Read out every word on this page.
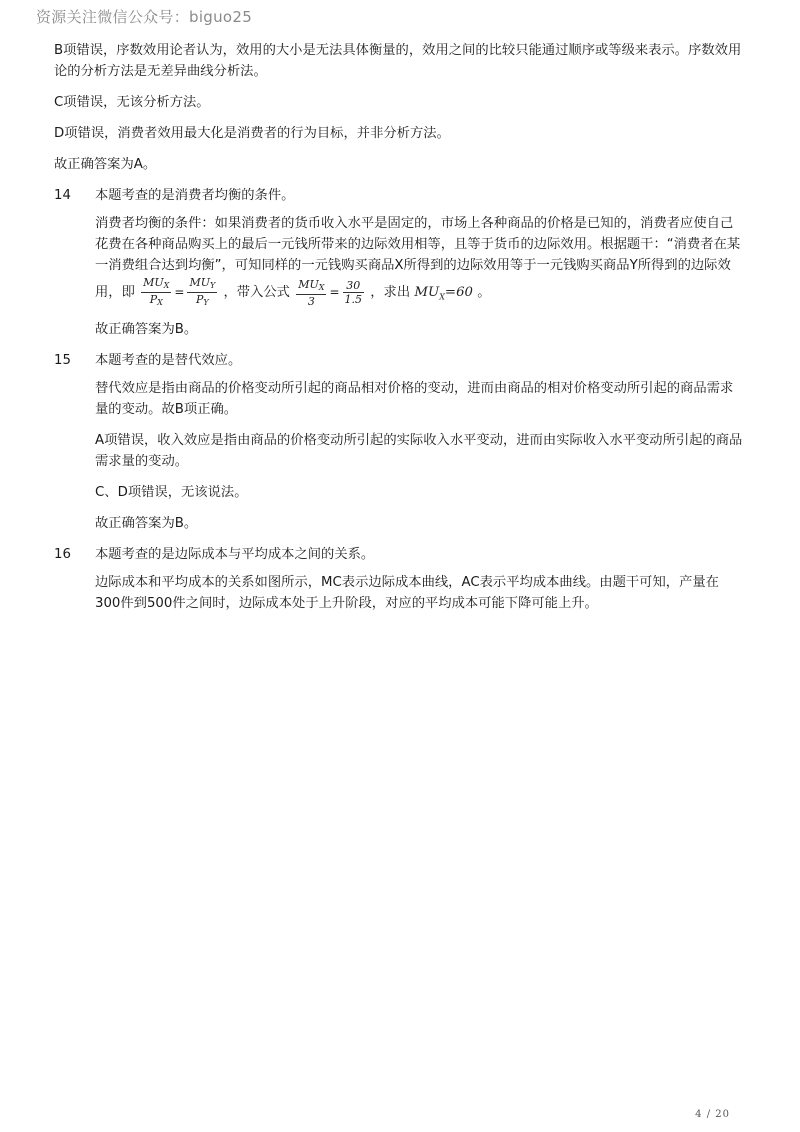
资源关注微信公众号：biguo25

B项错误，序数效用论者认为，效用的大小是无法具体衡量的，效用之间的比较只能通过顺序或等级来表示。序数效用论的分析方法是无差异曲线分析法。

C项错误，无该分析方法。

D项错误，消费者效用最大化是消费者的行为目标，并非分析方法。

故正确答案为A。

14 本题考查的是消费者均衡的条件。

消费者均衡的条件：如果消费者的货币收入水平是固定的，市场上各种商品的价格是已知的，消费者应使自己花费在各种商品购买上的最后一元钱所带来的边际效用相等，且等于货币的边际效用。根据题干：“消费者在某一消费组合达到均衡”，可知同样的一元钱购买商品X所得到的边际效用等于一元钱购买商品Y所得到的边际效用，即 $\frac{MU_X}{P_X} = \frac{MU_Y}{P_Y}$ ，带入公式 $\frac{MU_X}{3} = \frac{30}{1.5}$ ，求出 $MU_X=60$ 。

故正确答案为B。

15 本题考查的是替代效应。

替代效应是指由商品的价格变动所引起的商品相对价格的变动，进而由商品的相对价格变动所引起的商品需求量的变动。故B项正确。

A项错误，收入效应是指由商品的价格变动所引起的实际收入水平变动，进而由实际收入水平变动所引起的商品需求量的变动。

C、D项错误，无该说法。

故正确答案为B。

16 本题考查的是边际成本与平均成本之间的关系。

边际成本和平均成本的关系如图所示，MC表示边际成本曲线，AC表示平均成本曲线。由题干可知，产量在300件到500件之间时，边际成本处于上升阶段，对应的平均成本可能下降可能上升。

4 / 20
